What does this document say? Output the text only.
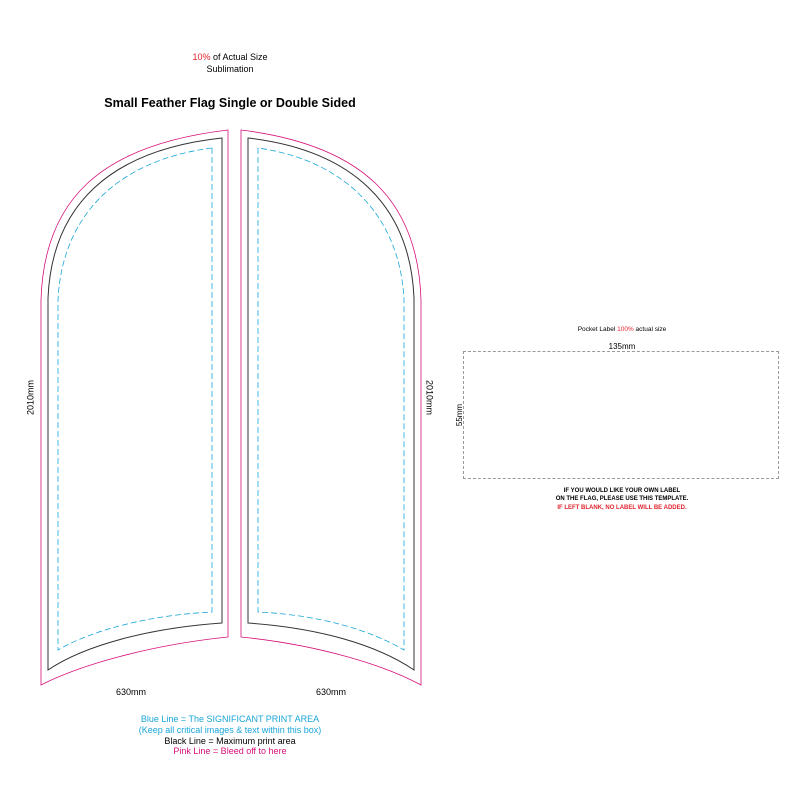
10% of Actual Size
Sublimation
Small Feather Flag Single or Double Sided
2010mm	2010mm
630mm	630mm
Blue Line = The SIGNIFICANT PRINT AREA
(Keep all critical images & text within this box)
Black Line = Maximum print area
Pink Line = Bleed off to here
Pocket Label 100% actual size
135mm
55mm
IF YOU WOULD LIKE YOUR OWN LABEL
ON THE FLAG, PLEASE USE THIS TEMPLATE.
IF LEFT BLANK, NO LABEL WILL BE ADDED.
